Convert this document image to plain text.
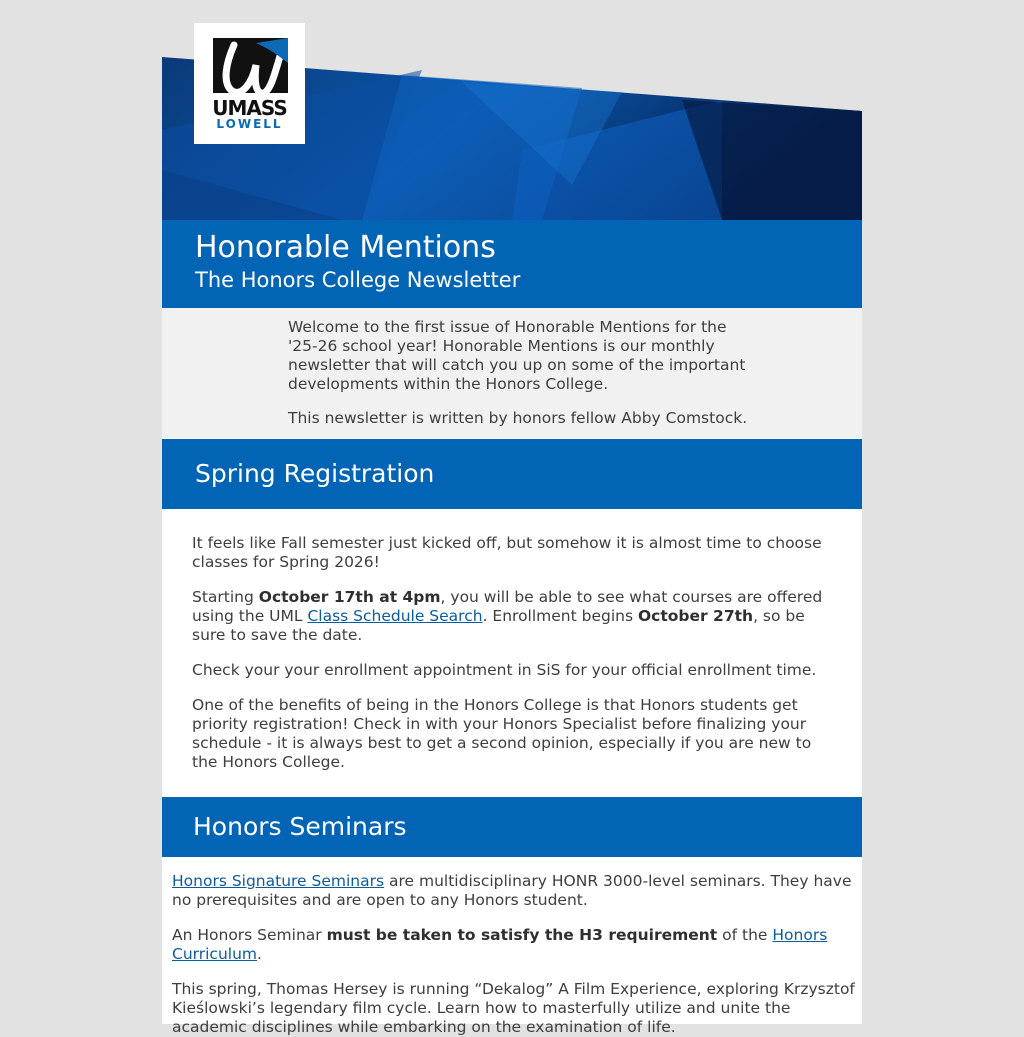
UMASS
LOWELL
Honorable Mentions
The Honors College Newsletter

Welcome to the first issue of Honorable Mentions for the '25-26 school year! Honorable Mentions is our monthly newsletter that will catch you up on some of the important developments within the Honors College.

This newsletter is written by honors fellow Abby Comstock.

Spring Registration

It feels like Fall semester just kicked off, but somehow it is almost time to choose classes for Spring 2026!

Starting October 17th at 4pm, you will be able to see what courses are offered using the UML Class Schedule Search. Enrollment begins October 27th, so be sure to save the date.

Check your your enrollment appointment in SiS for your official enrollment time.

One of the benefits of being in the Honors College is that Honors students get priority registration! Check in with your Honors Specialist before finalizing your schedule - it is always best to get a second opinion, especially if you are new to the Honors College.

Honors Seminars

Honors Signature Seminars are multidisciplinary HONR 3000-level seminars. They have no prerequisites and are open to any Honors student.

An Honors Seminar must be taken to satisfy the H3 requirement of the Honors Curriculum.

This spring, Thomas Hersey is running “Dekalog” A Film Experience, exploring Krzysztof Kieślowski’s legendary film cycle. Learn how to masterfully utilize and unite the academic disciplines while embarking on the examination of life.
